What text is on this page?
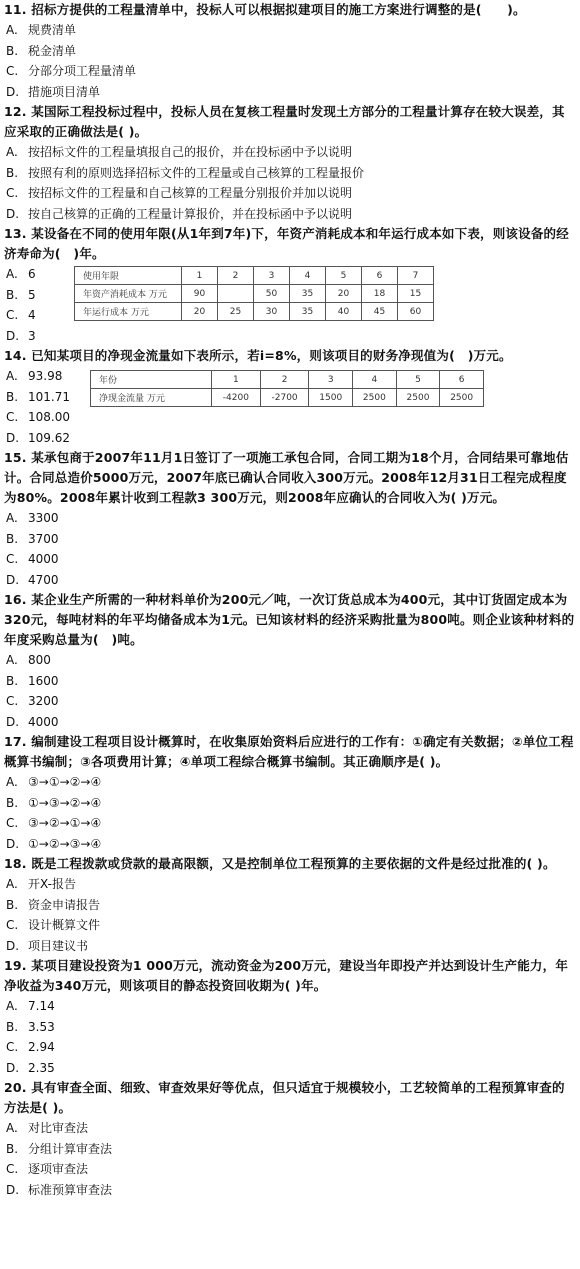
11. 招标方提供的工程量清单中，投标人可以根据拟建项目的施工方案进行调整的是(　　)。
A. 规费清单
B. 税金清单
C. 分部分项工程量清单
D. 措施项目清单
12. 某国际工程投标过程中，投标人员在复核工程量时发现土方部分的工程量计算存在较大误差，其应采取的正确做法是( )。
A. 按招标文件的工程量填报自己的报价，并在投标函中予以说明
B. 按照有利的原则选择招标文件的工程量或自己核算的工程量报价
C. 按招标文件的工程量和自己核算的工程量分别报价并加以说明
D. 按自己核算的正确的工程量计算报价，并在投标函中予以说明
13. 某设备在不同的使用年限(从1年到7年)下，年资产消耗成本和年运行成本如下表，则该设备的经济寿命为(　)年。
A. 6
B. 5
C. 4
D. 3
使用年限	1	2	3	4	5	6	7
年资产消耗成本 万元	90		50	35	20	18	15
年运行成本 万元	20	25	30	35	40	45	60
14. 已知某项目的净现金流量如下表所示，若i=8%，则该项目的财务净现值为(　)万元。
A. 93.98
B. 101.71
C. 108.00
D. 109.62
年份	1	2	3	4	5	6
净现金流量 万元	-4200	-2700	1500	2500	2500	2500
15. 某承包商于2007年11月1日签订了一项施工承包合同，合同工期为18个月，合同结果可靠地估计。合同总造价5000万元，2007年底已确认合同收入300万元。2008年12月31日工程完成程度为80%。2008年累计收到工程款3 300万元，则2008年应确认的合同收入为( )万元。
A. 3300
B. 3700
C. 4000
D. 4700
16. 某企业生产所需的一种材料单价为200元／吨，一次订货总成本为400元，其中订货固定成本为320元，每吨材料的年平均储备成本为1元。已知该材料的经济采购批量为800吨。则企业该种材料的年度采购总量为(　)吨。
A. 800
B. 1600
C. 3200
D. 4000
17. 编制建设工程项目设计概算时，在收集原始资料后应进行的工作有：①确定有关数据；②单位工程概算书编制；③各项费用计算；④单项工程综合概算书编制。其正确顺序是( )。
A. ③→①→②→④
B. ①→③→②→④
C. ③→②→①→④
D. ①→②→③→④
18. 既是工程拨款或贷款的最高限额，又是控制单位工程预算的主要依据的文件是经过批准的( )。
A. 开X-报告
B. 资金申请报告
C. 设计概算文件
D. 项目建议书
19. 某项目建设投资为1 000万元，流动资金为200万元，建设当年即投产并达到设计生产能力，年净收益为340万元，则该项目的静态投资回收期为( )年。
A. 7.14
B. 3.53
C. 2.94
D. 2.35
20. 具有审查全面、细致、审查效果好等优点，但只适宜于规模较小，工艺较简单的工程预算审查的方法是( )。
A. 对比审查法
B. 分组计算审查法
C. 逐项审查法
D. 标准预算审查法
